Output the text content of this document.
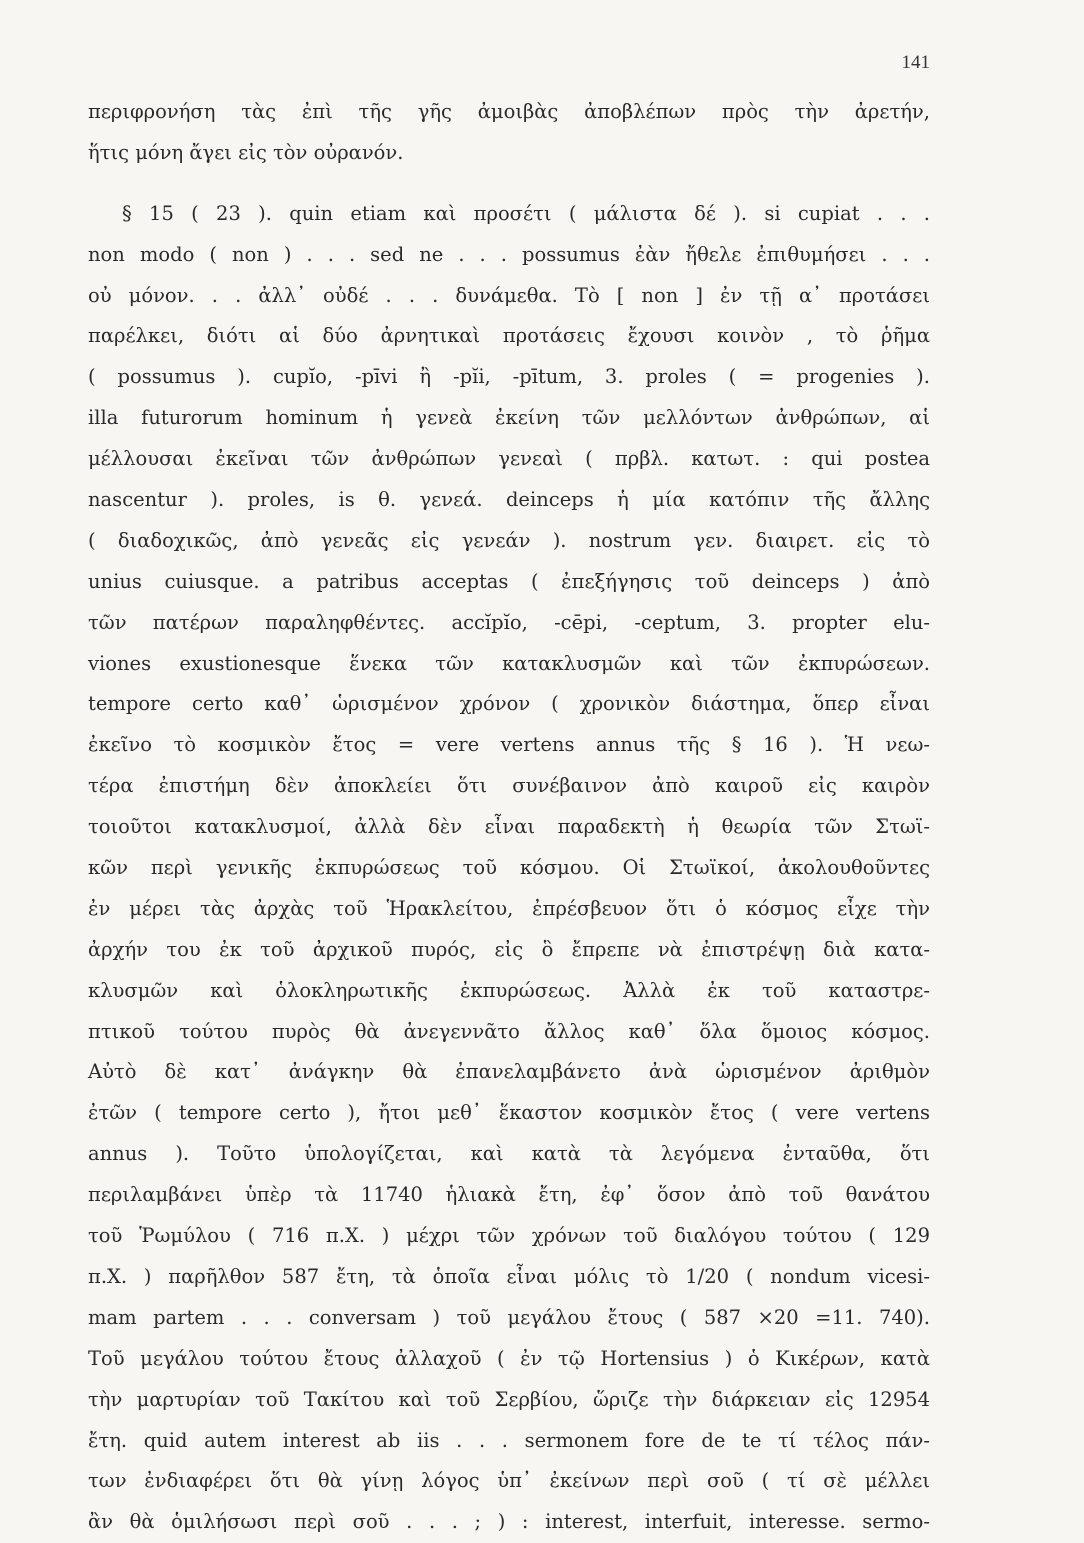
141
περιφρονήση τὰς ἐπὶ τῆς γῆς ἀμοιβὰς ἀποβλέπων πρὸς τὴν ἀρετήν,
ἥτις μόνη ἄγει εἰς τὸν οὐρανόν.
§ 15 ( 23 ). quin etiam καὶ προσέτι ( μάλιστα δέ ). si cupiat . . .
non modo ( non ) . . . sed ne . . . possumus ἐὰν ἤθελε ἐπιθυμήσει . . .
οὐ μόνον. . . ἀλλ᾽ οὐδέ . . . δυνάμεθα. Τὸ [ non ] ἐν τῇ α᾽ προτάσει
παρέλκει, διότι αἱ δύο ἀρνητικαὶ προτάσεις ἔχουσι κοινὸν , τὸ ῥῆμα
( possumus ). cupĭo, -pīvi ἢ -pĭi, -pītum, 3. proles ( = progenies ).
illa futurorum hominum ἡ γενεὰ ἐκείνη τῶν μελλόντων ἀνθρώπων, αἱ
μέλλουσαι ἐκεῖναι τῶν ἀνθρώπων γενεαὶ ( πρβλ. κατωτ. : qui postea
nascentur ). proles, is θ. γενεά. deinceps ἡ μία κατόπιν τῆς ἄλλης
( διαδοχικῶς, ἀπὸ γενεᾶς εἰς γενεάν ). nostrum γεν. διαιρετ. εἰς τὸ
unius cuiusque. a patribus acceptas ( ἐπεξήγησις τοῦ deinceps ) ἀπὸ
τῶν πατέρων παραληφθέντες. accĭpĭo, -cēpi, -ceptum, 3. propter elu-
viones exustionesque ἕνεκα τῶν κατακλυσμῶν καὶ τῶν ἐκπυρώσεων.
tempore certo καθ᾽ ὡρισμένον χρόνον ( χρονικὸν διάστημα, ὅπερ εἶναι
ἐκεῖνο τὸ κοσμικὸν ἔτος = vere vertens annus τῆς § 16 ). Ἡ νεω-
τέρα ἐπιστήμη δὲν ἀποκλείει ὅτι συνέβαινον ἀπὸ καιροῦ εἰς καιρὸν
τοιοῦτοι κατακλυσμοί, ἀλλὰ δὲν εἶναι παραδεκτὴ ἡ θεωρία τῶν Στωϊ-
κῶν περὶ γενικῆς ἐκπυρώσεως τοῦ κόσμου. Οἱ Στωϊκοί, ἀκολουθοῦντες
ἐν μέρει τὰς ἀρχὰς τοῦ Ἡρακλείτου, ἐπρέσβευον ὅτι ὁ κόσμος εἶχε τὴν
ἀρχήν του ἐκ τοῦ ἀρχικοῦ πυρός, εἰς ὃ ἔπρεπε νὰ ἐπιστρέψῃ διὰ κατα-
κλυσμῶν καὶ ὁλοκληρωτικῆς ἐκπυρώσεως. Ἀλλὰ ἐκ τοῦ καταστρε-
πτικοῦ τούτου πυρὸς θὰ ἀνεγεννᾶτο ἄλλος καθ᾽ ὅλα ὅμοιος κόσμος.
Αὐτὸ δὲ κατ᾽ ἀνάγκην θὰ ἐπανελαμβάνετο ἀνὰ ὡρισμένον ἀριθμὸν
ἐτῶν ( tempore certo ), ἤτοι μεθ᾽ ἕκαστον κοσμικὸν ἔτος ( vere vertens
annus ). Τοῦτο ὑπολογίζεται, καὶ κατὰ τὰ λεγόμενα ἐνταῦθα, ὅτι
περιλαμβάνει ὑπὲρ τὰ 11740 ἡλιακὰ ἔτη, ἐφ᾽ ὅσον ἀπὸ τοῦ θανάτου
τοῦ Ῥωμύλου ( 716 π.Χ. ) μέχρι τῶν χρόνων τοῦ διαλόγου τούτου ( 129
π.Χ. ) παρῆλθον 587 ἔτη, τὰ ὁποῖα εἶναι μόλις τὸ 1/20 ( nondum vicesi-
mam partem . . . conversam ) τοῦ μεγάλου ἔτους ( 587 ×20 =11. 740).
Τοῦ μεγάλου τούτου ἔτους ἀλλαχοῦ ( ἐν τῷ Hortensius ) ὁ Κικέρων, κατὰ
τὴν μαρτυρίαν τοῦ Τακίτου καὶ τοῦ Σερβίου, ὥριζε τὴν διάρκειαν εἰς 12954
ἔτη. quid autem interest ab iis . . . sermonem fore de te τί τέλος πάν-
των ἐνδιαφέρει ὅτι θὰ γίνῃ λόγος ὑπ᾽ ἐκείνων περὶ σοῦ ( τί σὲ μέλλει
ἂν θὰ ὁμιλήσωσι περὶ σοῦ . . . ; ) : interest, interfuit, interesse. sermo-
